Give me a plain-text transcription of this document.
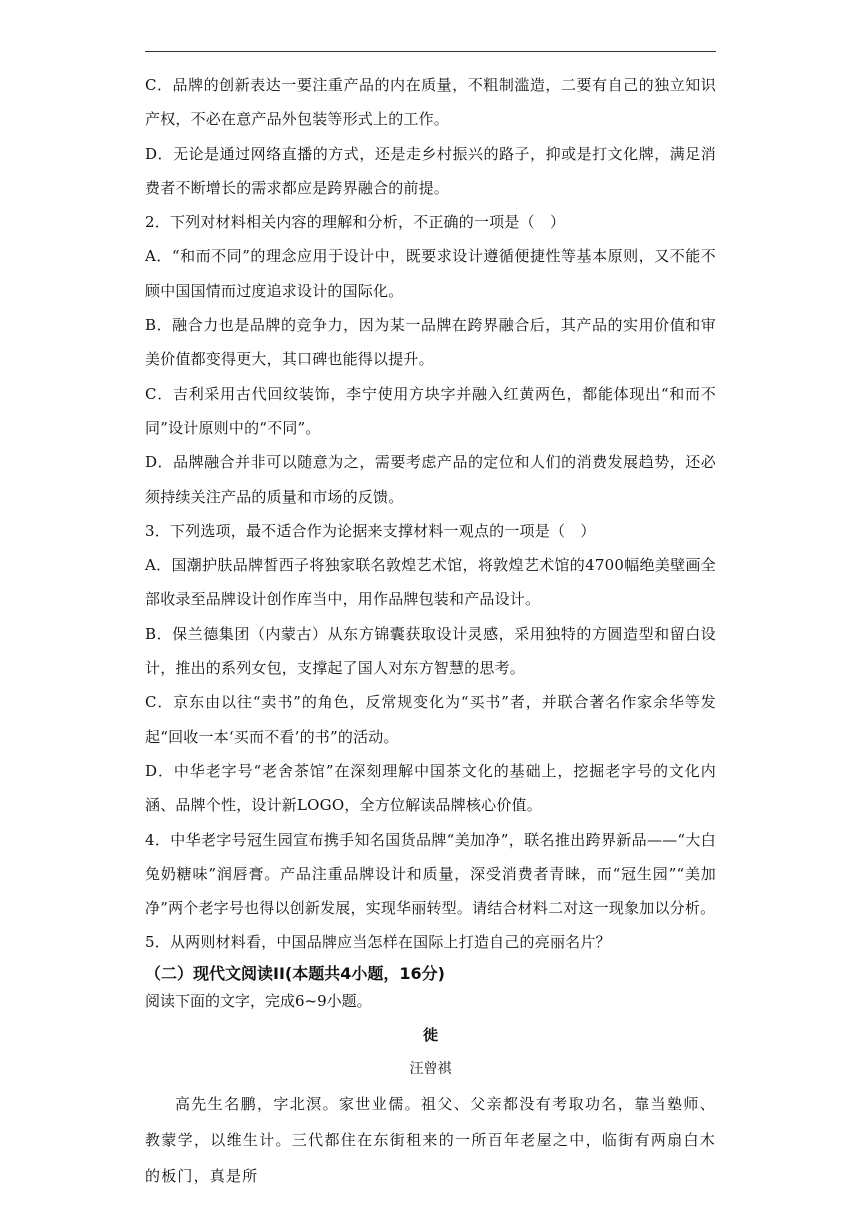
C．品牌的创新表达一要注重产品的内在质量，不粗制滥造，二要有自己的独立知识产权，不必在意产品外包装等形式上的工作。

D．无论是通过网络直播的方式，还是走乡村振兴的路子，抑或是打文化牌，满足消费者不断增长的需求都应是跨界融合的前提。

2．下列对材料相关内容的理解和分析，不正确的一项是（　）

A．“和而不同”的理念应用于设计中，既要求设计遵循便捷性等基本原则，又不能不顾中国国情而过度追求设计的国际化。

B．融合力也是品牌的竞争力，因为某一品牌在跨界融合后，其产品的实用价值和审美价值都变得更大，其口碑也能得以提升。

C．吉利采用古代回纹装饰，李宁使用方块字并融入红黄两色，都能体现出“和而不同”设计原则中的“不同”。

D．品牌融合并非可以随意为之，需要考虑产品的定位和人们的消费发展趋势，还必须持续关注产品的质量和市场的反馈。

3．下列选项，最不适合作为论据来支撑材料一观点的一项是（　）

A．国潮护肤品牌皙西子将独家联名敦煌艺术馆，将敦煌艺术馆的4700幅绝美壁画全部收录至品牌设计创作库当中，用作品牌包装和产品设计。

B．保兰德集团（内蒙古）从东方锦囊获取设计灵感，采用独特的方圆造型和留白设计，推出的系列女包，支撑起了国人对东方智慧的思考。

C．京东由以往“卖书”的角色，反常规变化为“买书”者，并联合著名作家余华等发起“回收一本‘买而不看’的书”的活动。

D．中华老字号“老舍茶馆”在深刻理解中国茶文化的基础上，挖掘老字号的文化内涵、品牌个性，设计新LOGO，全方位解读品牌核心价值。

4．中华老字号冠生园宣布携手知名国货品牌“美加净”，联名推出跨界新品——“大白兔奶糖味”润唇膏。产品注重品牌设计和质量，深受消费者青睐，而“冠生园”“美加净”两个老字号也得以创新发展，实现华丽转型。请结合材料二对这一现象加以分析。

5．从两则材料看，中国品牌应当怎样在国际上打造自己的亮丽名片？

（二）现代文阅读II(本题共4小题，16分)

阅读下面的文字，完成6~9小题。

徙

汪曾祺

高先生名鹏，字北溟。家世业儒。祖父、父亲都没有考取功名，靠当塾师、教蒙学，以维生计。三代都住在东街租来的一所百年老屋之中，临街有两扇白木的板门，真是所
